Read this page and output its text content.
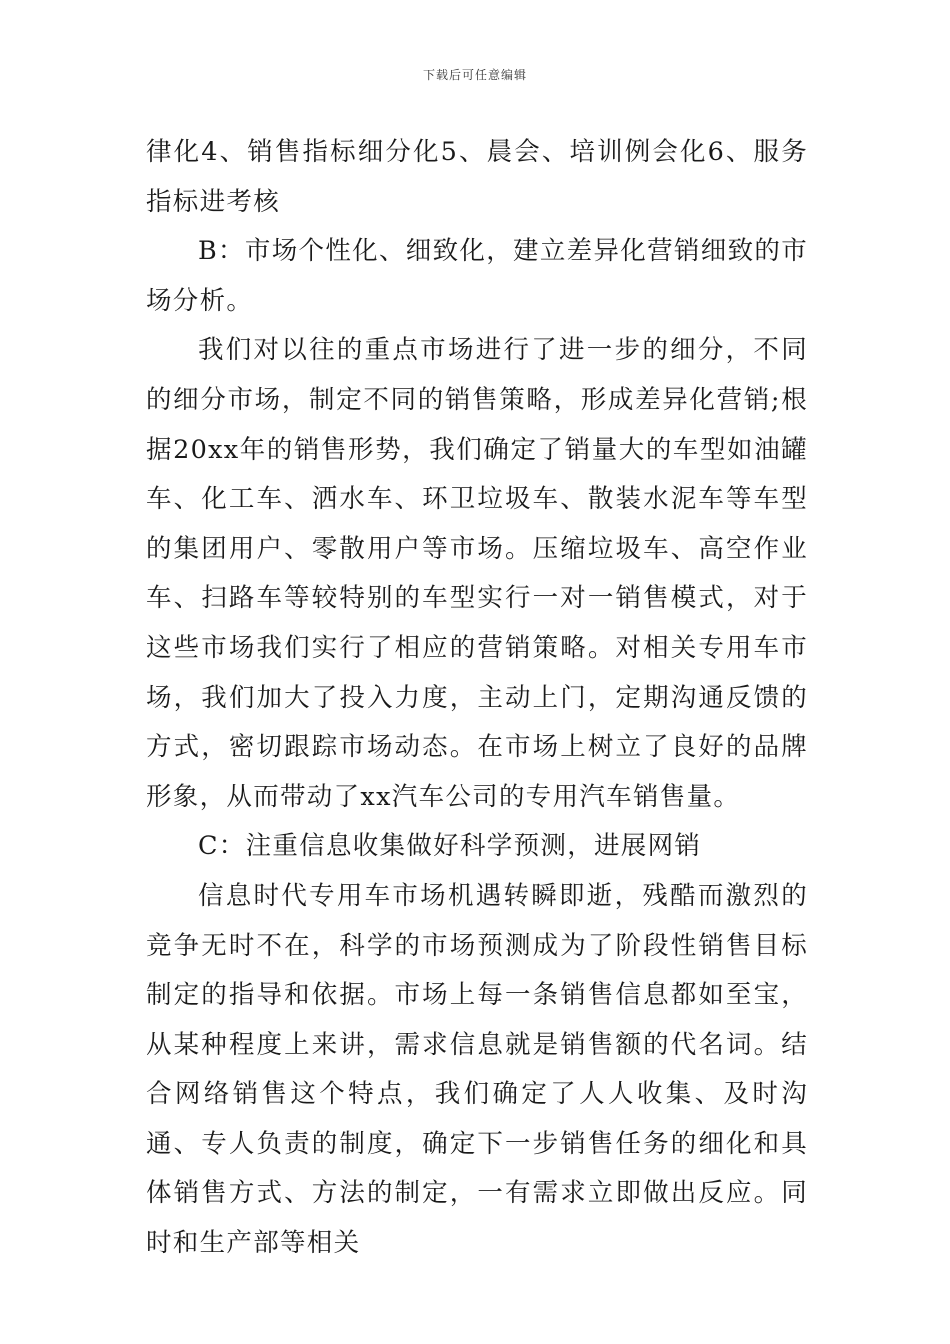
下载后可任意编辑

律化4、销售指标细分化5、晨会、培训例会化6、服务指标进考核

B：市场个性化、细致化，建立差异化营销细致的市场分析。

我们对以往的重点市场进行了进一步的细分，不同的细分市场，制定不同的销售策略，形成差异化营销;根据20xx年的销售形势，我们确定了销量大的车型如油罐车、化工车、洒水车、环卫垃圾车、散装水泥车等车型的集团用户、零散用户等市场。压缩垃圾车、高空作业车、扫路车等较特别的车型实行一对一销售模式，对于这些市场我们实行了相应的营销策略。对相关专用车市场，我们加大了投入力度，主动上门，定期沟通反馈的方式，密切跟踪市场动态。在市场上树立了良好的品牌形象，从而带动了xx汽车公司的专用汽车销售量。

C：注重信息收集做好科学预测，进展网销

信息时代专用车市场机遇转瞬即逝，残酷而激烈的竞争无时不在，科学的市场预测成为了阶段性销售目标制定的指导和依据。市场上每一条销售信息都如至宝，从某种程度上来讲，需求信息就是销售额的代名词。结合网络销售这个特点，我们确定了人人收集、及时沟通、专人负责的制度，确定下一步销售任务的细化和具体销售方式、方法的制定，一有需求立即做出反应。同时和生产部等相关
